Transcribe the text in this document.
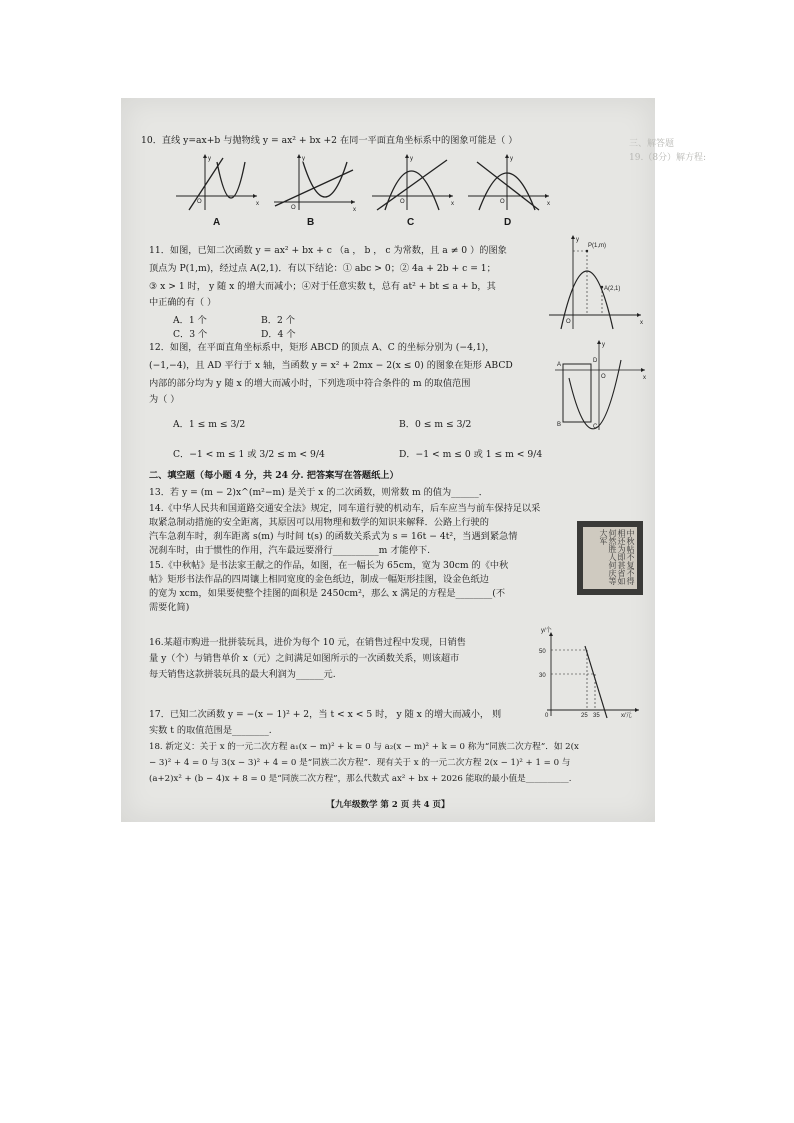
三、解答题
19.（8分）解方程:
10．直线 y=ax+b 与抛物线 y = ax² + bx +2 在同一平面直角坐标系中的图象可能是（ ）
O	x
y
A
O	x
y
B
O	x
y
C
O	x
y
D
11．如图，已知二次函数 y = ax² + bx + c （a ， b ， c 为常数，且 a ≠ 0 ）的图象
顶点为 P(1,m)，经过点 A(2,1)．有以下结论：① abc > 0；② 4a + 2b + c = 1；
③ x > 1 时， y 随 x 的增大而减小；④对于任意实数 t，总有 at² + bt ≤ a + b，其
中正确的有（ ）
A．1 个	B．2 个
C．3 个	D．4 个
P(1,m)
A(2,1)
O	x
y
12．如图，在平面直角坐标系中，矩形 ABCD 的顶点 A、C 的坐标分别为 (−4,1)，
(−1,−4)，且 AD 平行于 x 轴，当函数 y = x² + 2mx − 2(x ≤ 0) 的图象在矩形 ABCD
内部的部分均为 y 随 x 的增大而减小时，下列选项中符合条件的 m 的取值范围
为（ ）
A．1 ≤ m ≤ 3/2	B．0 ≤ m ≤ 3/2
C．−1 < m ≤ 1 或 3/2 ≤ m < 9/4	D．−1 < m ≤ 0 或 1 ≤ m < 9/4
A
B	C
D
O	x
y
二、填空题（每小题 4 分，共 24 分. 把答案写在答题纸上）
13．若 y = (m − 2)x^(m²−m) 是关于 x 的二次函数，则常数 m 的值为______．
14.《中华人民共和国道路交通安全法》规定，同车道行驶的机动车，后车应当与前车保持足以采
取紧急制动措施的安全距离，其原因可以用物理和数学的知识来解释．公路上行驶的
汽车急刹车时，刹车距离 s(m) 与时间 t(s) 的函数关系式为 s = 16t − 4t²，当遇到紧急情
况刹车时，由于惯性的作用，汽车最远要滑行__________m 才能停下.
15.《中秋帖》是书法家王献之的作品，如图，在一幅长为 65cm，宽为 30cm 的《中秋
帖》矩形书法作品的四周镶上相同宽度的金色纸边，制成一幅矩形挂图，设金色纸边
的宽为 xcm，如果要使整个挂图的面积是 2450cm²，那么 x 满足的方程是________(不
需要化简)
中秋帖不复不得相还为即甚省如何然胜人何庆等大军
16.某超市购进一批拼装玩具，进价为每个 10 元，在销售过程中发现，日销售
量 y（个）与销售单价 x（元）之间满足如图所示的一次函数关系，则该超市
每天销售这款拼装玩具的最大利润为______元.
50
30
25 35
0	x/元
y/个
17．已知二次函数 y = −(x − 1)² + 2，当 t < x < 5 时， y 随 x 的增大而减小， 则
实数 t 的取值范围是________.
18. 新定义：关于 x 的一元二次方程 a₁(x − m)² + k = 0 与 a₂(x − m)² + k = 0 称为“同族二次方程”．如 2(x
− 3)² + 4 = 0 与 3(x − 3)² + 4 = 0 是“同族二次方程”．现有关于 x 的一元二次方程 2(x − 1)² + 1 = 0 与
(a+2)x² + (b − 4)x + 8 = 0 是“同族二次方程”，那么代数式 ax² + bx + 2026 能取的最小值是__________.
【九年级数学 第 2 页 共 4 页】
